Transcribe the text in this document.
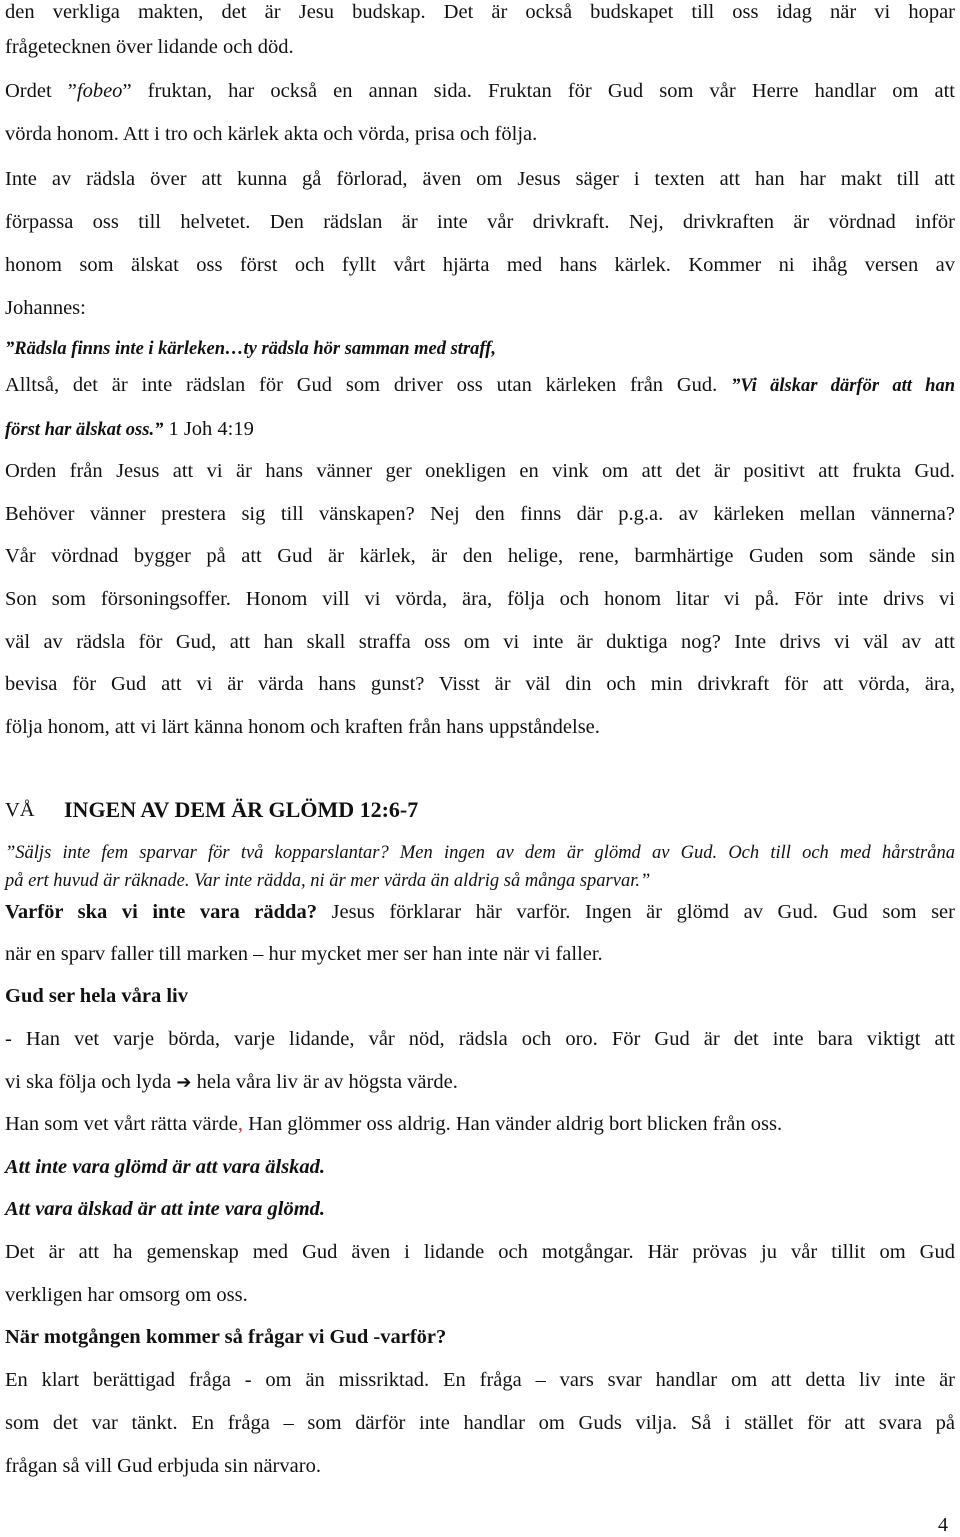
den verkliga makten, det är Jesu budskap. Det är också budskapet till oss idag när vi hopar
frågetecknen över lidande och död.
Ordet ”fobeo” fruktan, har också en annan sida. Fruktan för Gud som vår Herre handlar om att
vörda honom. Att i tro och kärlek akta och vörda, prisa och följa.
Inte av rädsla över att kunna gå förlorad, även om Jesus säger i texten att han har makt till att
förpassa oss till helvetet. Den rädslan är inte vår drivkraft. Nej, drivkraften är vördnad inför
honom som älskat oss först och fyllt vårt hjärta med hans kärlek. Kommer ni ihåg versen av
Johannes:
”Rädsla finns inte i kärleken…ty rädsla hör samman med straff,
Alltså, det är inte rädslan för Gud som driver oss utan kärleken från Gud. ”Vi älskar därför att han
först har älskat oss.” 1 Joh 4:19
Orden från Jesus att vi är hans vänner ger onekligen en vink om att det är positivt att frukta Gud.
Behöver vänner prestera sig till vänskapen? Nej den finns där p.g.a. av kärleken mellan vännerna?
Vår vördnad bygger på att Gud är kärlek, är den helige, rene, barmhärtige Guden som sände sin
Son som försoningsoffer. Honom vill vi vörda, ära, följa och honom litar vi på. För inte drivs vi
väl av rädsla för Gud, att han skall straffa oss om vi inte är duktiga nog? Inte drivs vi väl av att
bevisa för Gud att vi är värda hans gunst? Visst är väl din och min drivkraft för att vörda, ära,
följa honom, att vi lärt känna honom och kraften från hans uppståndelse.
VÅ INGEN AV DEM ÄR GLÖMD 12:6-7
”Säljs inte fem sparvar för två kopparslantar? Men ingen av dem är glömd av Gud. Och till och med hårstråna
på ert huvud är räknade. Var inte rädda, ni är mer värda än aldrig så många sparvar.”
Varför ska vi inte vara rädda? Jesus förklarar här varför. Ingen är glömd av Gud. Gud som ser
när en sparv faller till marken – hur mycket mer ser han inte när vi faller.
Gud ser hela våra liv
- Han vet varje börda, varje lidande, vår nöd, rädsla och oro. För Gud är det inte bara viktigt att
vi ska följa och lyda ➔ hela våra liv är av högsta värde.
Han som vet vårt rätta värde, Han glömmer oss aldrig. Han vänder aldrig bort blicken från oss.
Att inte vara glömd är att vara älskad.
Att vara älskad är att inte vara glömd.
Det är att ha gemenskap med Gud även i lidande och motgångar. Här prövas ju vår tillit om Gud
verkligen har omsorg om oss.
När motgången kommer så frågar vi Gud -varför?
En klart berättigad fråga - om än missriktad. En fråga – vars svar handlar om att detta liv inte är
som det var tänkt. En fråga – som därför inte handlar om Guds vilja. Så i stället för att svara på
frågan så vill Gud erbjuda sin närvaro.
4
